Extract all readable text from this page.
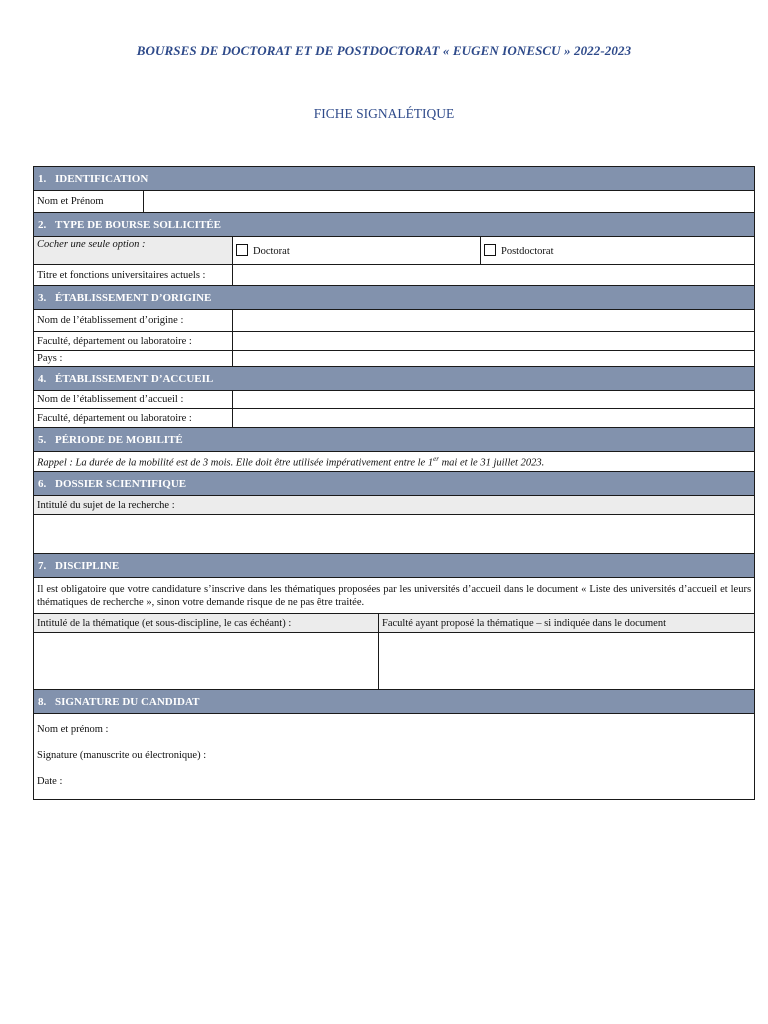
BOURSES DE DOCTORAT ET DE POSTDOCTORAT « EUGEN IONESCU » 2022-2023
FICHE SIGNALÉTIQUE
1. IDENTIFICATION				
Nom et Prénom				
2. TYPE DE BOURSE SOLLICITÉE				
Cocher une seule option :		Doctorat		Postdoctorat
Titre et fonctions universitaires actuels :				
3. ÉTABLISSEMENT D’ORIGINE				
Nom de l’établissement d’origine :				
Faculté, département ou laboratoire :				
Pays :				
4. ÉTABLISSEMENT D’ACCUEIL				
Nom de l’établissement d’accueil :				
Faculté, département ou laboratoire :				
5. PÉRIODE DE MOBILITÉ				
Rappel : La durée de la mobilité est de 3 mois. Elle doit être utilisée impérativement entre le 1er mai et le 31 juillet 2023.				
6. DOSSIER SCIENTIFIQUE				
Intitulé du sujet de la recherche :				

7. DISCIPLINE				
Il est obligatoire que votre candidature s’inscrive dans les thématiques proposées par les universités d’accueil dans le document « Liste des universités d’accueil et leurs thématiques de recherche », sinon votre demande risque de ne pas être traitée.				
Intitulé de la thématique (et sous-discipline, le cas échéant) :			Faculté ayant proposé la thématique – si indiquée dans le document	

8. SIGNATURE DU CANDIDAT				

Nom et prénom :
Signature (manuscrite ou électronique) :
Date :				
